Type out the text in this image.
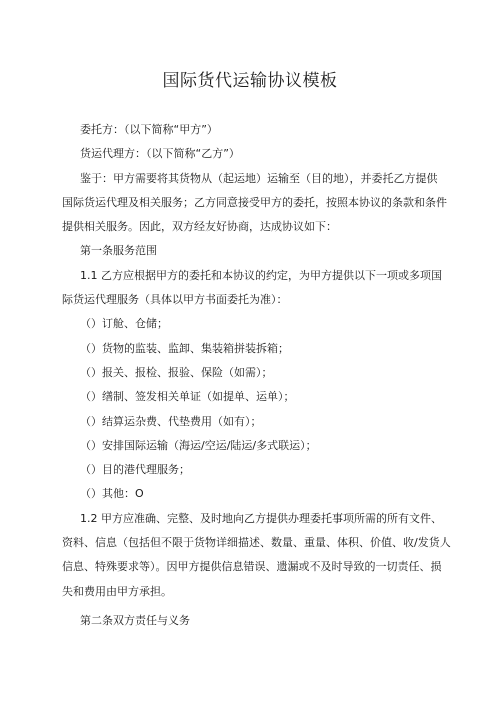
国际货代运输协议模板

委托方：（以下简称“甲方”）

货运代理方：（以下简称“乙方”）

鉴于：甲方需要将其货物从（起运地）运输至（目的地），并委托乙方提供

国际货运代理及相关服务；乙方同意接受甲方的委托，按照本协议的条款和条件

提供相关服务。因此，双方经友好协商，达成协议如下：

第一条服务范围

1.1 乙方应根据甲方的委托和本协议的约定，为甲方提供以下一项或多项国

际货运代理服务（具体以甲方书面委托为准）：

（）订舱、仓储；

（）货物的监装、监卸、集装箱拼装拆箱；

（）报关、报检、报验、保险（如需）；

（）缮制、签发相关单证（如提单、运单）；

（）结算运杂费、代垫费用（如有）；

（）安排国际运输（海运/空运/陆运/多式联运）；

（）目的港代理服务；

（）其他：O

1.2 甲方应准确、完整、及时地向乙方提供办理委托事项所需的所有文件、

资料、信息（包括但不限于货物详细描述、数量、重量、体积、价值、收/发货人

信息、特殊要求等）。因甲方提供信息错误、遗漏或不及时导致的一切责任、损

失和费用由甲方承担。

第二条双方责任与义务
